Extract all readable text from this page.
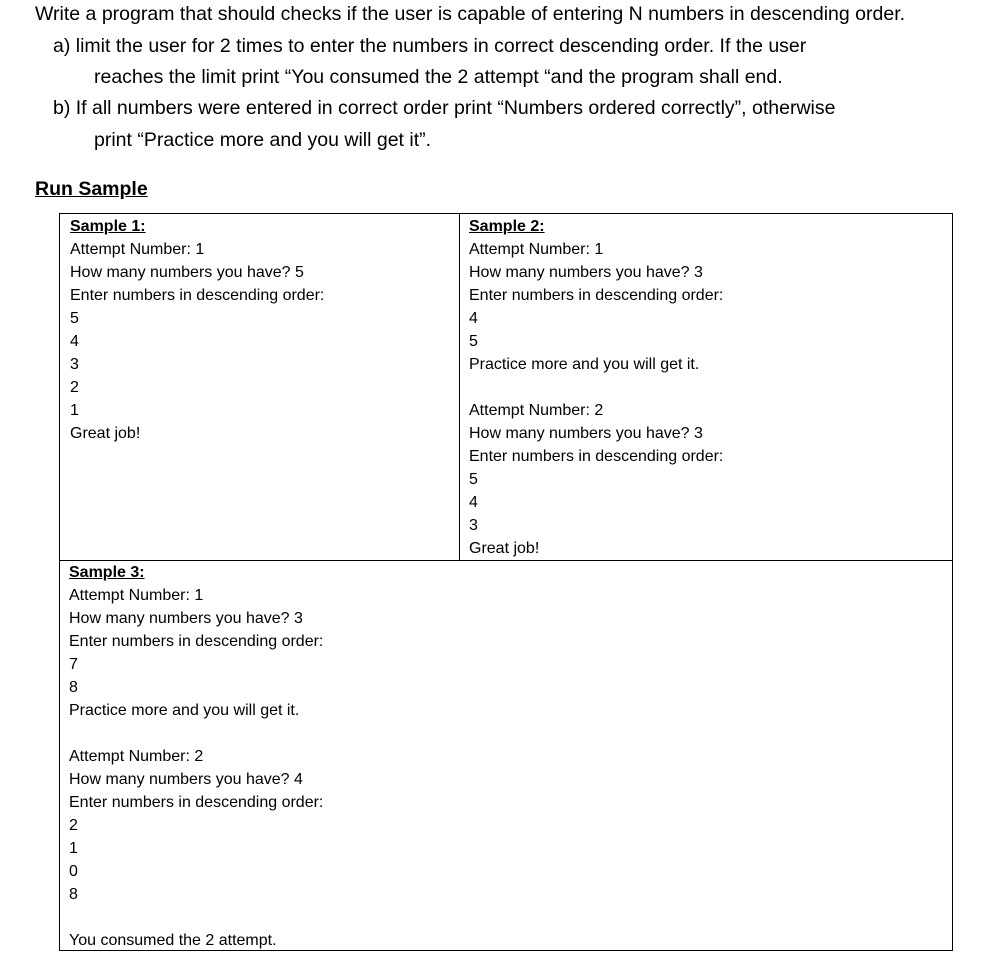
Write a program that should checks if the user is capable of entering N numbers in descending order.
a) limit the user for 2 times to enter the numbers in correct descending order. If the user
reaches the limit print “You consumed the 2 attempt “and the program shall end.
b) If all numbers were entered in correct order print “Numbers ordered correctly”, otherwise
print “Practice more and you will get it”.
Run Sample
Sample 1:
Attempt Number: 1
How many numbers you have? 5
Enter numbers in descending order:
5
4
3
2
1
Great job!
Sample 2:
Attempt Number: 1
How many numbers you have? 3
Enter numbers in descending order:
4
5
Practice more and you will get it.
Attempt Number: 2
How many numbers you have? 3
Enter numbers in descending order:
5
4
3
Great job!
Sample 3:
Attempt Number: 1
How many numbers you have? 3
Enter numbers in descending order:
7
8
Practice more and you will get it.
Attempt Number: 2
How many numbers you have? 4
Enter numbers in descending order:
2
1
0
8
You consumed the 2 attempt.
